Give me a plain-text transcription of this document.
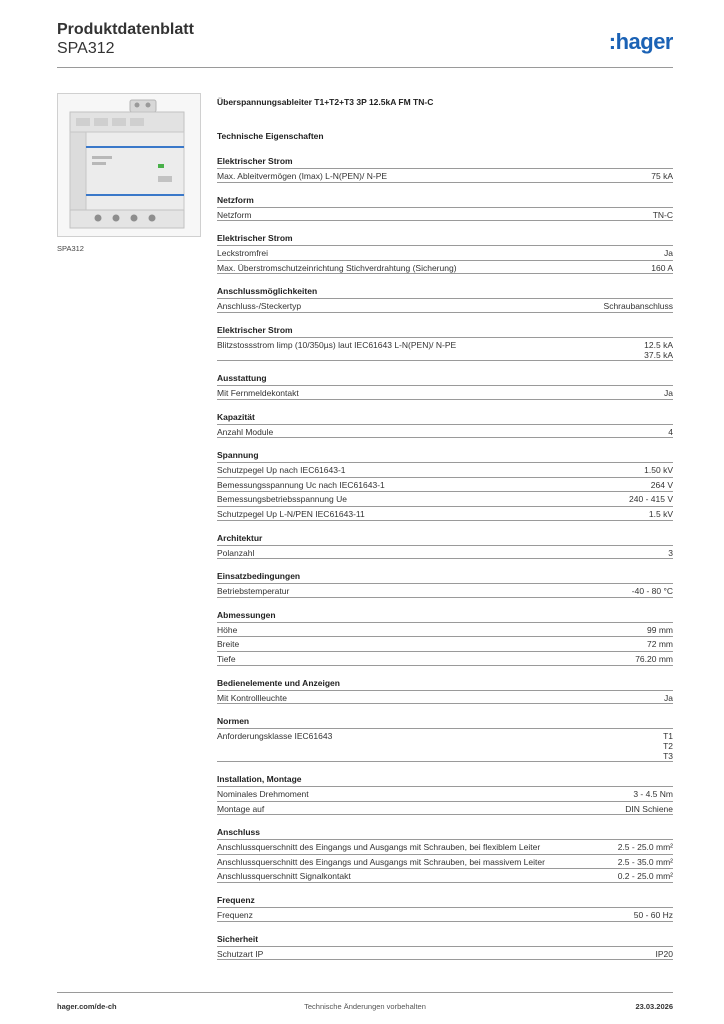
Produktdatenblatt
SPA312	:hager
SPA312
Überspannungsableiter T1+T2+T3 3P 12.5kA FM TN-C
Technische Eigenschaften
Elektrischer Strom
Max. Ableitvermögen (Imax) L-N(PEN)/ N-PE	75 kA
Netzform
Netzform	TN-C
Elektrischer Strom
Leckstromfrei	Ja
Max. Überstromschutzeinrichtung Stichverdrahtung (Sicherung)	160 A
Anschlussmöglichkeiten
Anschluss-/Steckertyp	Schraubanschluss
Elektrischer Strom
Blitzstossstrom Iimp (10/350µs) laut IEC61643 L-N(PEN)/ N-PE	12.5 kA
37.5 kA
Ausstattung
Mit Fernmeldekontakt	Ja
Kapazität
Anzahl Module	4
Spannung
Schutzpegel Up nach IEC61643-1	1.50 kV
Bemessungsspannung Uc nach IEC61643-1	264 V
Bemessungsbetriebsspannung Ue	240 - 415 V
Schutzpegel Up L-N/PEN IEC61643-11	1.5 kV
Architektur
Polanzahl	3
Einsatzbedingungen
Betriebstemperatur	-40 - 80 °C
Abmessungen
Höhe	99 mm
Breite	72 mm
Tiefe	76.20 mm
Bedienelemente und Anzeigen
Mit Kontrollleuchte	Ja
Normen
Anforderungsklasse IEC61643	T1
T2
T3
Installation, Montage
Nominales Drehmoment	3 - 4.5 Nm
Montage auf	DIN Schiene
Anschluss
Anschlussquerschnitt des Eingangs und Ausgangs mit Schrauben, bei flexiblem Leiter	2.5 - 25.0 mm²
Anschlussquerschnitt des Eingangs und Ausgangs mit Schrauben, bei massivem Leiter	2.5 - 35.0 mm²
Anschlussquerschnitt Signalkontakt	0.2 - 25.0 mm²
Frequenz
Frequenz	50 - 60 Hz
Sicherheit
Schutzart IP	IP20
hager.com/de-ch	Technische Änderungen vorbehalten	23.03.2026
